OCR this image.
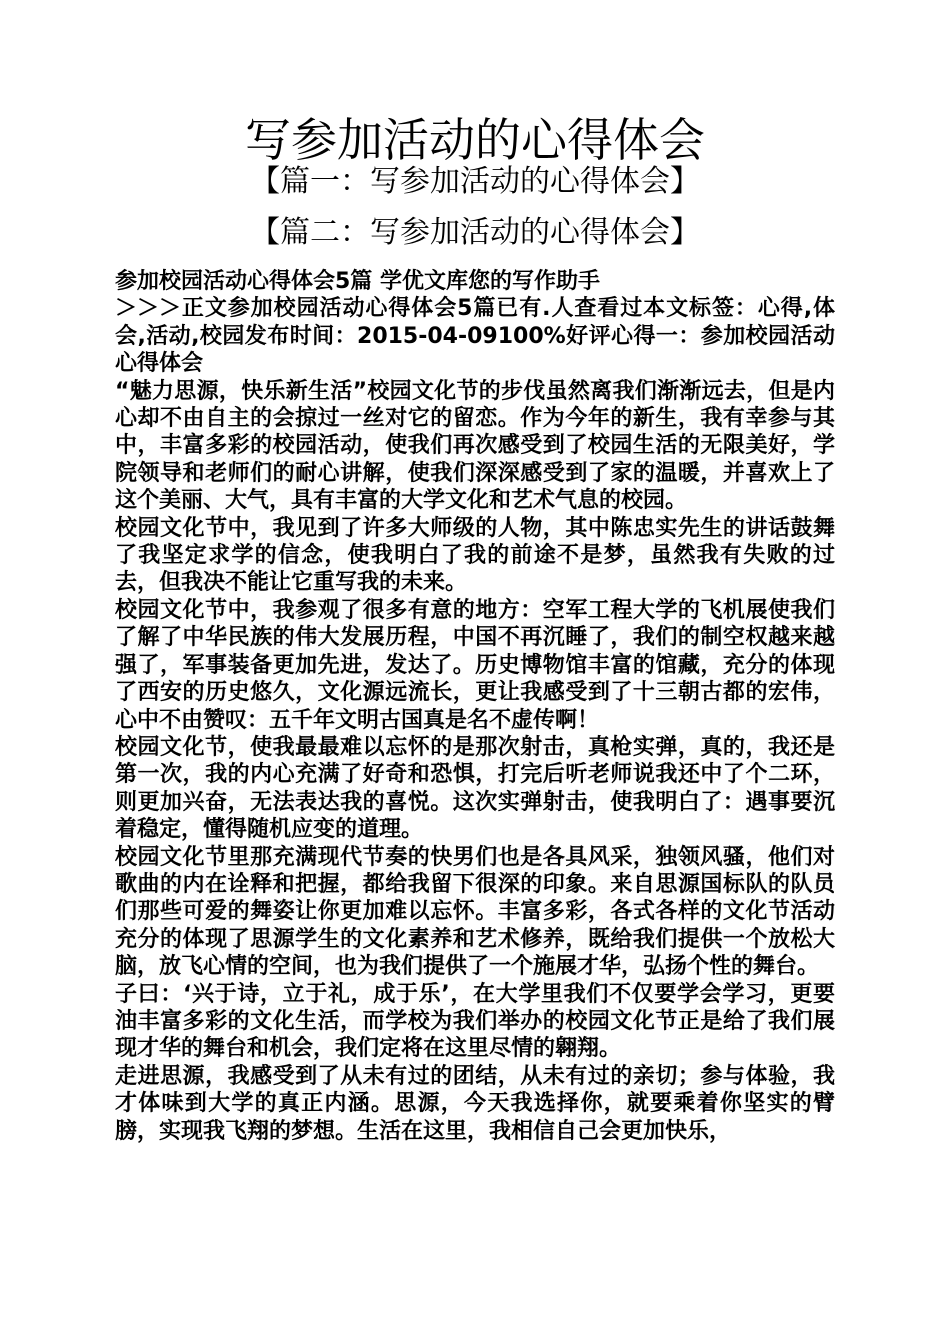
写参加活动的心得体会
【篇一：写参加活动的心得体会】
【篇二：写参加活动的心得体会】

参加校园活动心得体会5篇 学优文库您的写作助手

＞＞＞正文参加校园活动心得体会5篇已有.人查看过本文标签：心得,体会,活动,校园发布时间：2015-04-09100%好评心得一：参加校园活动心得体会

“魅力思源，快乐新生活”校园文化节的步伐虽然离我们渐渐远去，但是内心却不由自主的会掠过一丝对它的留恋。作为今年的新生，我有幸参与其中，丰富多彩的校园活动，使我们再次感受到了校园生活的无限美好，学院领导和老师们的耐心讲解，使我们深深感受到了家的温暖，并喜欢上了这个美丽、大气，具有丰富的大学文化和艺术气息的校园。

校园文化节中，我见到了许多大师级的人物，其中陈忠实先生的讲话鼓舞了我坚定求学的信念，使我明白了我的前途不是梦，虽然我有失败的过去，但我决不能让它重写我的未来。

校园文化节中，我参观了很多有意的地方：空军工程大学的飞机展使我们了解了中华民族的伟大发展历程，中国不再沉睡了，我们的制空权越来越强了，军事装备更加先进，发达了。历史博物馆丰富的馆藏，充分的体现了西安的历史悠久，文化源远流长，更让我感受到了十三朝古都的宏伟，心中不由赞叹：五千年文明古国真是名不虚传啊！

校园文化节，使我最最难以忘怀的是那次射击，真枪实弹，真的，我还是第一次，我的内心充满了好奇和恐惧，打完后听老师说我还中了个二环，则更加兴奋，无法表达我的喜悦。这次实弹射击，使我明白了：遇事要沉着稳定，懂得随机应变的道理。

校园文化节里那充满现代节奏的快男们也是各具风采，独领风骚，他们对歌曲的内在诠释和把握，都给我留下很深的印象。来自思源国标队的队员们那些可爱的舞姿让你更加难以忘怀。丰富多彩，各式各样的文化节活动充分的体现了思源学生的文化素养和艺术修养，既给我们提供一个放松大脑，放飞心情的空间，也为我们提供了一个施展才华，弘扬个性的舞台。

子曰：‘兴于诗，立于礼，成于乐’，在大学里我们不仅要学会学习，更要油丰富多彩的文化生活，而学校为我们举办的校园文化节正是给了我们展现才华的舞台和机会，我们定将在这里尽情的翱翔。

走进思源，我感受到了从未有过的团结，从未有过的亲切；参与体验，我才体味到大学的真正内涵。思源，今天我选择你，就要乘着你坚实的臂膀，实现我飞翔的梦想。生活在这里，我相信自己会更加快乐，
